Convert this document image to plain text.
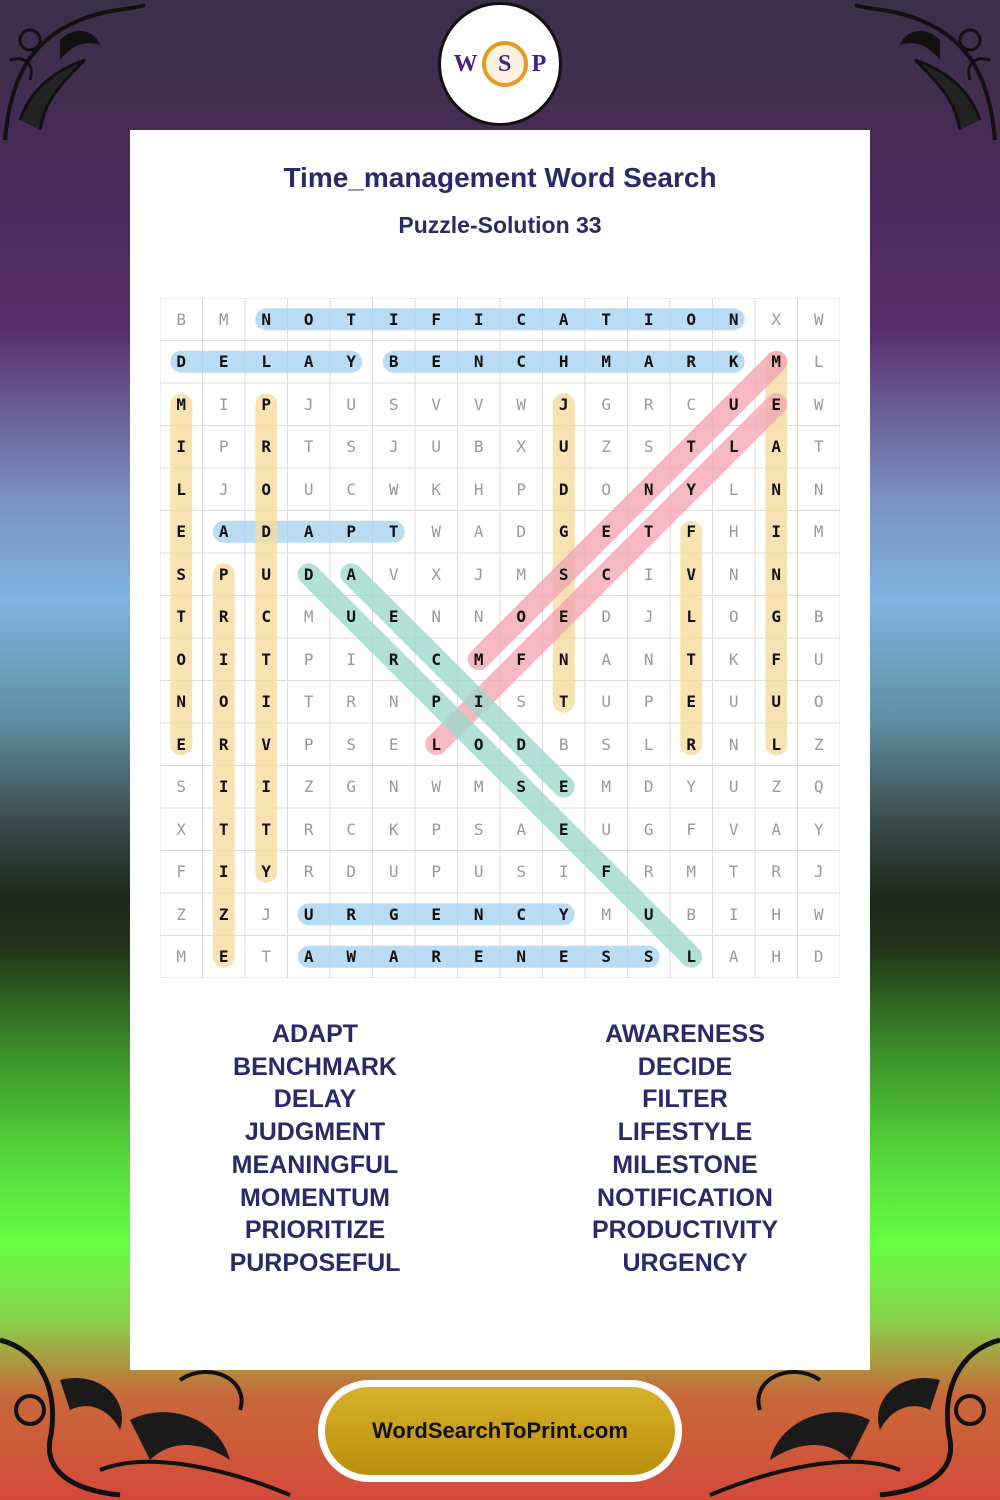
Time_management Word Search
Puzzle-Solution 33
B	M	N	O	T	I	F	I	C	A	T	I	O	N	X	W
D	E	L	A	Y	B	E	N	C	H	M	A	R	K	M	L
M	I	P	J	U	S	V	V	W	J	G	R	C	U	E	W
I	P	R	T	S	J	U	B	X	U	Z	S	T	L	A	T
L	J	O	U	C	W	K	H	P	D	O	N	Y	L	N	N
E	A	D	A	P	T	W	A	D	G	E	T	F	H	I	M
S	P	U	D	A	V	X	J	M	S	C	I	V	N	N
T	R	C	M	U	E	N	N	O	E	D	J	L	O	G	B
O	I	T	P	I	R	C	M	F	N	A	N	T	K	F	U
N	O	I	T	R	N	P	I	S	T	U	P	E	U	U	O
E	R	V	P	S	E	L	O	D	B	S	L	R	N	L	Z
S	I	I	Z	G	N	W	M	S	E	M	D	Y	U	Z	Q
X	T	T	R	C	K	P	S	A	E	U	G	F	V	A	Y
F	I	Y	R	D	U	P	U	S	I	F	R	M	T	R	J
Z	Z	J	U	R	G	E	N	C	Y	M	U	B	I	H	W
M	E	T	A	W	A	R	E	N	E	S	S	L	A	H	D
ADAPT
BENCHMARK
DELAY
JUDGMENT
MEANINGFUL
MOMENTUM
PRIORITIZE
PURPOSEFUL
AWARENESS
DECIDE
FILTER
LIFESTYLE
MILESTONE
NOTIFICATION
PRODUCTIVITY
URGENCY
W S P
WordSearchToPrint.com
